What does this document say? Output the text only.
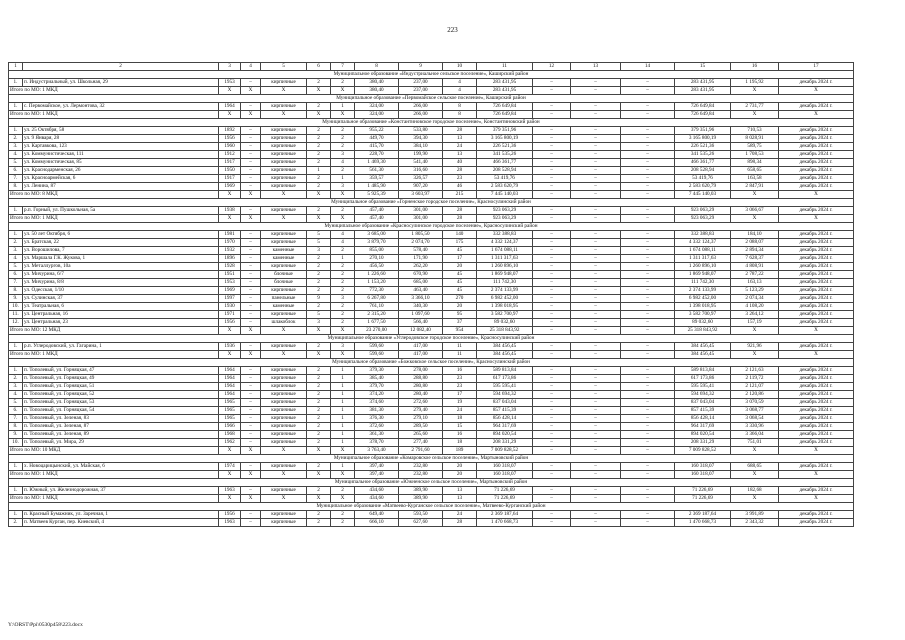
223
1	2	3	4	5	6	7	8	9	10	11	12	13	14	15	16	17
Муниципальное образование «Индустриальное сельское поселение», Каширский район																
1.	п. Индустриальный, ул. Школьная, 29	1953	–	кирпичные	2	2	380,40	237,00	4	283 431,95	–	–	–	283 431,95	1 195,92	декабрь 2024 г.
Итого по МО: 1 МКД		X	X	X	X	X	380,40	237,00	4	283 431,95	–	–	–	283 431,95	X	X
Муниципальное образование «Первомайское сельское поселение», Каширский район																
1.	с. Первомайское, ул. Лермонтова, 32	1964	–	кирпичные	2	1	324,00	266,00	8	726 649,84	–	–	–	726 649,84	2 731,77	декабрь 2024 г.
Итого по МО: 1 МКД		X	X	X	X	X	324,00	266,00	8	726 649,84	–	–	–	726 649,84	X	X
Муниципальное образование «Константиновское городское поселение», Константиновский район																
1.	ул. 25 Октября, 58	1892	–	кирпичные	2	2	955,22	533,80	28	379 351,96	–	–	–	379 351,96	710,53	декабрь 2024 г.
2.	ул. 9 Января, 28	1956	–	кирпичные	2	2	449,70	394,30	13	3 165 800,19	–	–	–	3 165 800,19	8 028,91	декабрь 2024 г.
3.	ул. Картавкова, 123	1960	–	кирпичные	2	2	415,70	384,10	24	226 521,36	–	–	–	226 521,36	589,75	декабрь 2024 г.
4.	ул. Коммунистическая, 111	1912	–	кирпичные	2	3	228,70	199,90	13	341 535,26	–	–	–	341 535,26	1 708,53	декабрь 2024 г.
5.	ул. Коммунистическая, 85	1917	–	кирпичные	2	4	1 469,30	541,40	40	466 361,77	–	–	–	466 361,77	898,34	декабрь 2024 г.
6.	ул. Краснодарменская, 26	1950	–	кирпичные	1	2	561,30	316,60	28	208 528,94	–	–	–	208 528,94	658,65	декабрь 2024 г.
7.	ул. Красноармейская, 6	1917	–	кирпичные	2	1	359,57	326,57	23	53 419,76	–	–	–	53 419,76	163,58	декабрь 2024 г.
8.	ул. Ленина, 87	1969	–	кирпичные	2	3	1 485,90	907,20	46	2 583 620,79	–	–	–	2 583 620,79	2 847,91	декабрь 2024 г.
Итого по МО: 8 МКД		X	X	X	X	X	5 925,39	3 603,97	215	7 445 140,03	–	–	–	7 445 140,03	X	X
Муниципальное образование «Горненское городское поселение», Красносулинский район																
1.	р.п. Горный, ул. Пушкольная, 5а	1938	–	кирпичные	2	2	457,40	301,00	28	923 063,29	–	–	–	923 063,29	3 066,67	декабрь 2024 г.
Итого по МО: 1 МКД		X	X	X	X	X	457,40	301,00	28	923 063,29	–	–	–	923 063,29	X	X
Муниципальное образование «Красносулинское городское поселение», Красносулинский район																
1.	ул. 50 лет Октября, 6	1981	–	кирпичные	5	4	3 685,00	1 805,50	140	332 388,83	–	–	–	332 388,83	184,10	декабрь 2024 г.
2.	ул. Братская, 22	1970	–	кирпичные	5	4	3 879,70	2 074,70	175	4 332 124,37	–	–	–	4 332 124,37	2 088,07	декабрь 2024 г.
3.	ул. Ворошилова, 7	1932	–	каменные	3	2	855,00	578,40	45	1 674 088,11	–	–	–	1 674 088,11	2 894,34	декабрь 2024 г.
4.	ул. Маршала Г.К. Жукова, 1	1896	–	каменные	2	1	270,10	171,90	17	1 311 317,63	–	–	–	1 311 317,63	7 628,37	декабрь 2024 г.
5.	ул. Металлургов, 10а	1928	–	кирпичные	2	2	456,50	262,20	20	1 260 896,10	–	–	–	1 260 896,10	4 808,91	декабрь 2024 г.
6.	ул. Мичурина, 6/7	1951	–	блочные	2	2	1 226,60	670,90	45	1 869 948,07	–	–	–	1 869 948,07	2 787,22	декабрь 2024 г.
7.	ул. Мичурина, 8/8	1953	–	блочные	2	2	1 153,20	685,00	45	111 742,30	–	–	–	111 742,30	163,13	декабрь 2024 г.
8.	ул. Одесская, 1/10	1969	–	кирпичные	2	2	772,30	463,40	45	2 374 133,99	–	–	–	2 374 133,99	5 123,29	декабрь 2024 г.
9.	ул. Сулинская, 37	1997	–	панельные	9	3	6 267,80	3 366,10	270	6 982 452,00	–	–	–	6 982 452,00	2 074,34	декабрь 2024 г.
10.	ул. Театральная, 6	1930	–	каменные	2	2	761,10	340,30	20	1 398 018,95	–	–	–	1 398 018,95	4 108,20	декабрь 2024 г.
11.	ул. Центральная, 16	1971	–	кирпичные	5	2	2 315,20	1 097,60	95	3 582 700,97	–	–	–	3 582 700,97	3 264,12	декабрь 2024 г.
12.	ул. Центральная, 23	1956	–	шлакоблок	3	2	1 677,50	566,40	37	89 032,60	–	–	–	89 032,60	157,19	декабрь 2024 г.
Итого по МО: 12 МКД		X	X	X	X	X	23 270,00	12 082,40	954	25 318 843,92	–	–	–	25 318 843,92	X	X
Муниципальное образование «Углеродовское городское поселение», Красносулинский район																
1.	р.п. Углеродовский, ул. Гагарина, 1	1936	–	кирпичные	2	3	599,60	417,00	11	384 456,45	–	–	–	384 456,45	921,96	декабрь 2024 г.
Итого по МО: 1 МКД		X	X	X	X	X	599,60	417,00	11	384 456,45	–	–	–	384 456,45	X	X
Муниципальное образование «Божковское сельское поселение», Красносулинский район																
1.	п. Тополевый, ул. Горняцкая, 47	1964	–	кирпичные	2	1	379,30	278,00	16	589 813,84	–	–	–	589 813,84	2 121,63	декабрь 2024 г.
2.	п. Тополевый, ул. Горняцкая, 49	1964	–	кирпичные	2	1	385,40	288,80	23	617 173,86	–	–	–	617 173,86	2 119,72	декабрь 2024 г.
3.	п. Тополевый, ул. Горняцкая, 51	1964	–	кирпичные	2	1	379,70	280,80	23	595 595,41	–	–	–	595 595,41	2 121,07	декабрь 2024 г.
4.	п. Тополевый, ул. Горняцкая, 52	1964	–	кирпичные	2	1	374,20	280,40	17	594 694,32	–	–	–	594 694,32	2 120,86	декабрь 2024 г.
5.	п. Тополевый, ул. Горняцкая, 53	1965	–	кирпичные	2	1	374,60	272,60	19	837 043,04	–	–	–	837 043,04	3 070,59	декабрь 2024 г.
6.	п. Тополевый, ул. Горняцкая, 54	1965	–	кирпичные	2	1	381,30	279,40	24	857 415,39	–	–	–	857 415,39	3 068,77	декабрь 2024 г.
7.	п. Тополевый, ул. Зеленая, 83	1965	–	кирпичные	2	1	376,30	279,10	18	856 428,14	–	–	–	856 428,14	3 068,54	декабрь 2024 г.
8.	п. Тополевый, ул. Зеленая, 87	1966	–	кирпичные	2	1	372,60	289,50	15	964 317,69	–	–	–	964 317,69	3 330,96	декабрь 2024 г.
9.	п. Тополевый, ул. Зеленая, 89	1968	–	кирпичные	2	1	361,30	265,60	16	894 020,54	–	–	–	894 020,54	3 366,04	декабрь 2024 г.
10.	п. Тополевый, ул. Мира, 29	1962	–	кирпичные	2	1	378,70	277,40	18	208 331,29	–	–	–	208 331,29	751,01	декабрь 2024 г.
Итого по МО: 10 МКД		X	X	X	X	X	3 763,40	2 791,60	189	7 009 828,52	–	–	–	7 009 828,52	X	X
Муниципальное образование «Комаровское сельское поселение», Мартыновский район																
1.	х. Новоцарицынский, ул. Майская, 6	1974	–	кирпичные	2	1	397,40	232,80	20	160 318,07	–	–	–	160 318,07	688,65	декабрь 2024 г.
Итого по МО: 1 МКД		X	X	X	X	X	397,40	232,80	20	160 318,07	–	–	–	160 318,07	X	X
Муниципальное образование «Южненское сельское поселение», Мартыновский район																
1.	п. Южный, ул. Железнодорожная, 37	1963	–	кирпичные	2	2	434,60	389,90	13	71 226,69	–	–	–	71 226,69	182,68	декабрь 2024 г.
Итого по МО: 1 МКД		X	X	X	X	X	434,60	389,90	13	71 226,69	–	–	–	71 226,69	X	X
Муниципальное образование «Матвеево-Курганское сельское поселение», Матвеево-Курганский район																
1.	п. Красный Бумажник, ул. Заречная, 1	1956	–	кирпичные	2	2	649,40	593,50	24	2 369 187,64	–	–	–	2 369 187,64	3 991,89	декабрь 2024 г.
2.	п. Матвеев Курган, пер. Киевский, 4	1963	–	кирпичные	2	2	666,10	627,60	28	1 470 668,73	–	–	–	1 470 668,73	2 343,32	декабрь 2024 г.
Y:\ORST\Ppi\0530p458\223.docx
